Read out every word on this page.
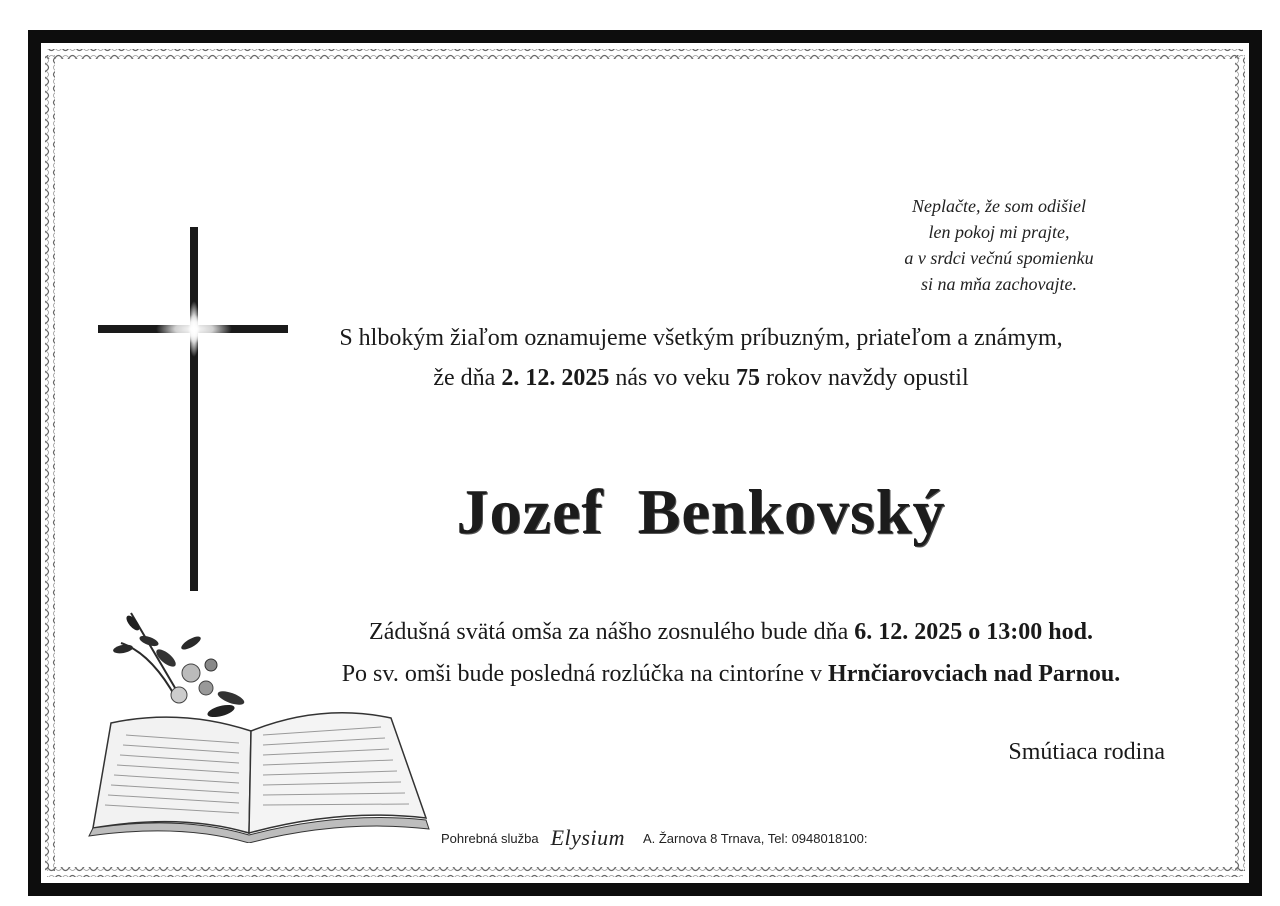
Neplačte, že som odišiel
len pokoj mi prajte,
a v srdci večnú spomienku
si na mňa zachovajte.
S hlbokým žiaľom oznamujeme všetkým príbuzným, priateľom a známym,
že dňa 2. 12. 2025 nás vo veku 75 rokov navždy opustil
Jozef  Benkovský
Zádušná svätá omša za nášho zosnulého bude dňa 6. 12. 2025 o 13:00 hod.
Po sv. omši bude posledná rozlúčka na cintoríne v Hrnčiarovciach nad Parnou.
Smútiaca rodina
Pohrebná služba Elysium A. Žarnova 8 Trnava, Tel: 0948018100:
